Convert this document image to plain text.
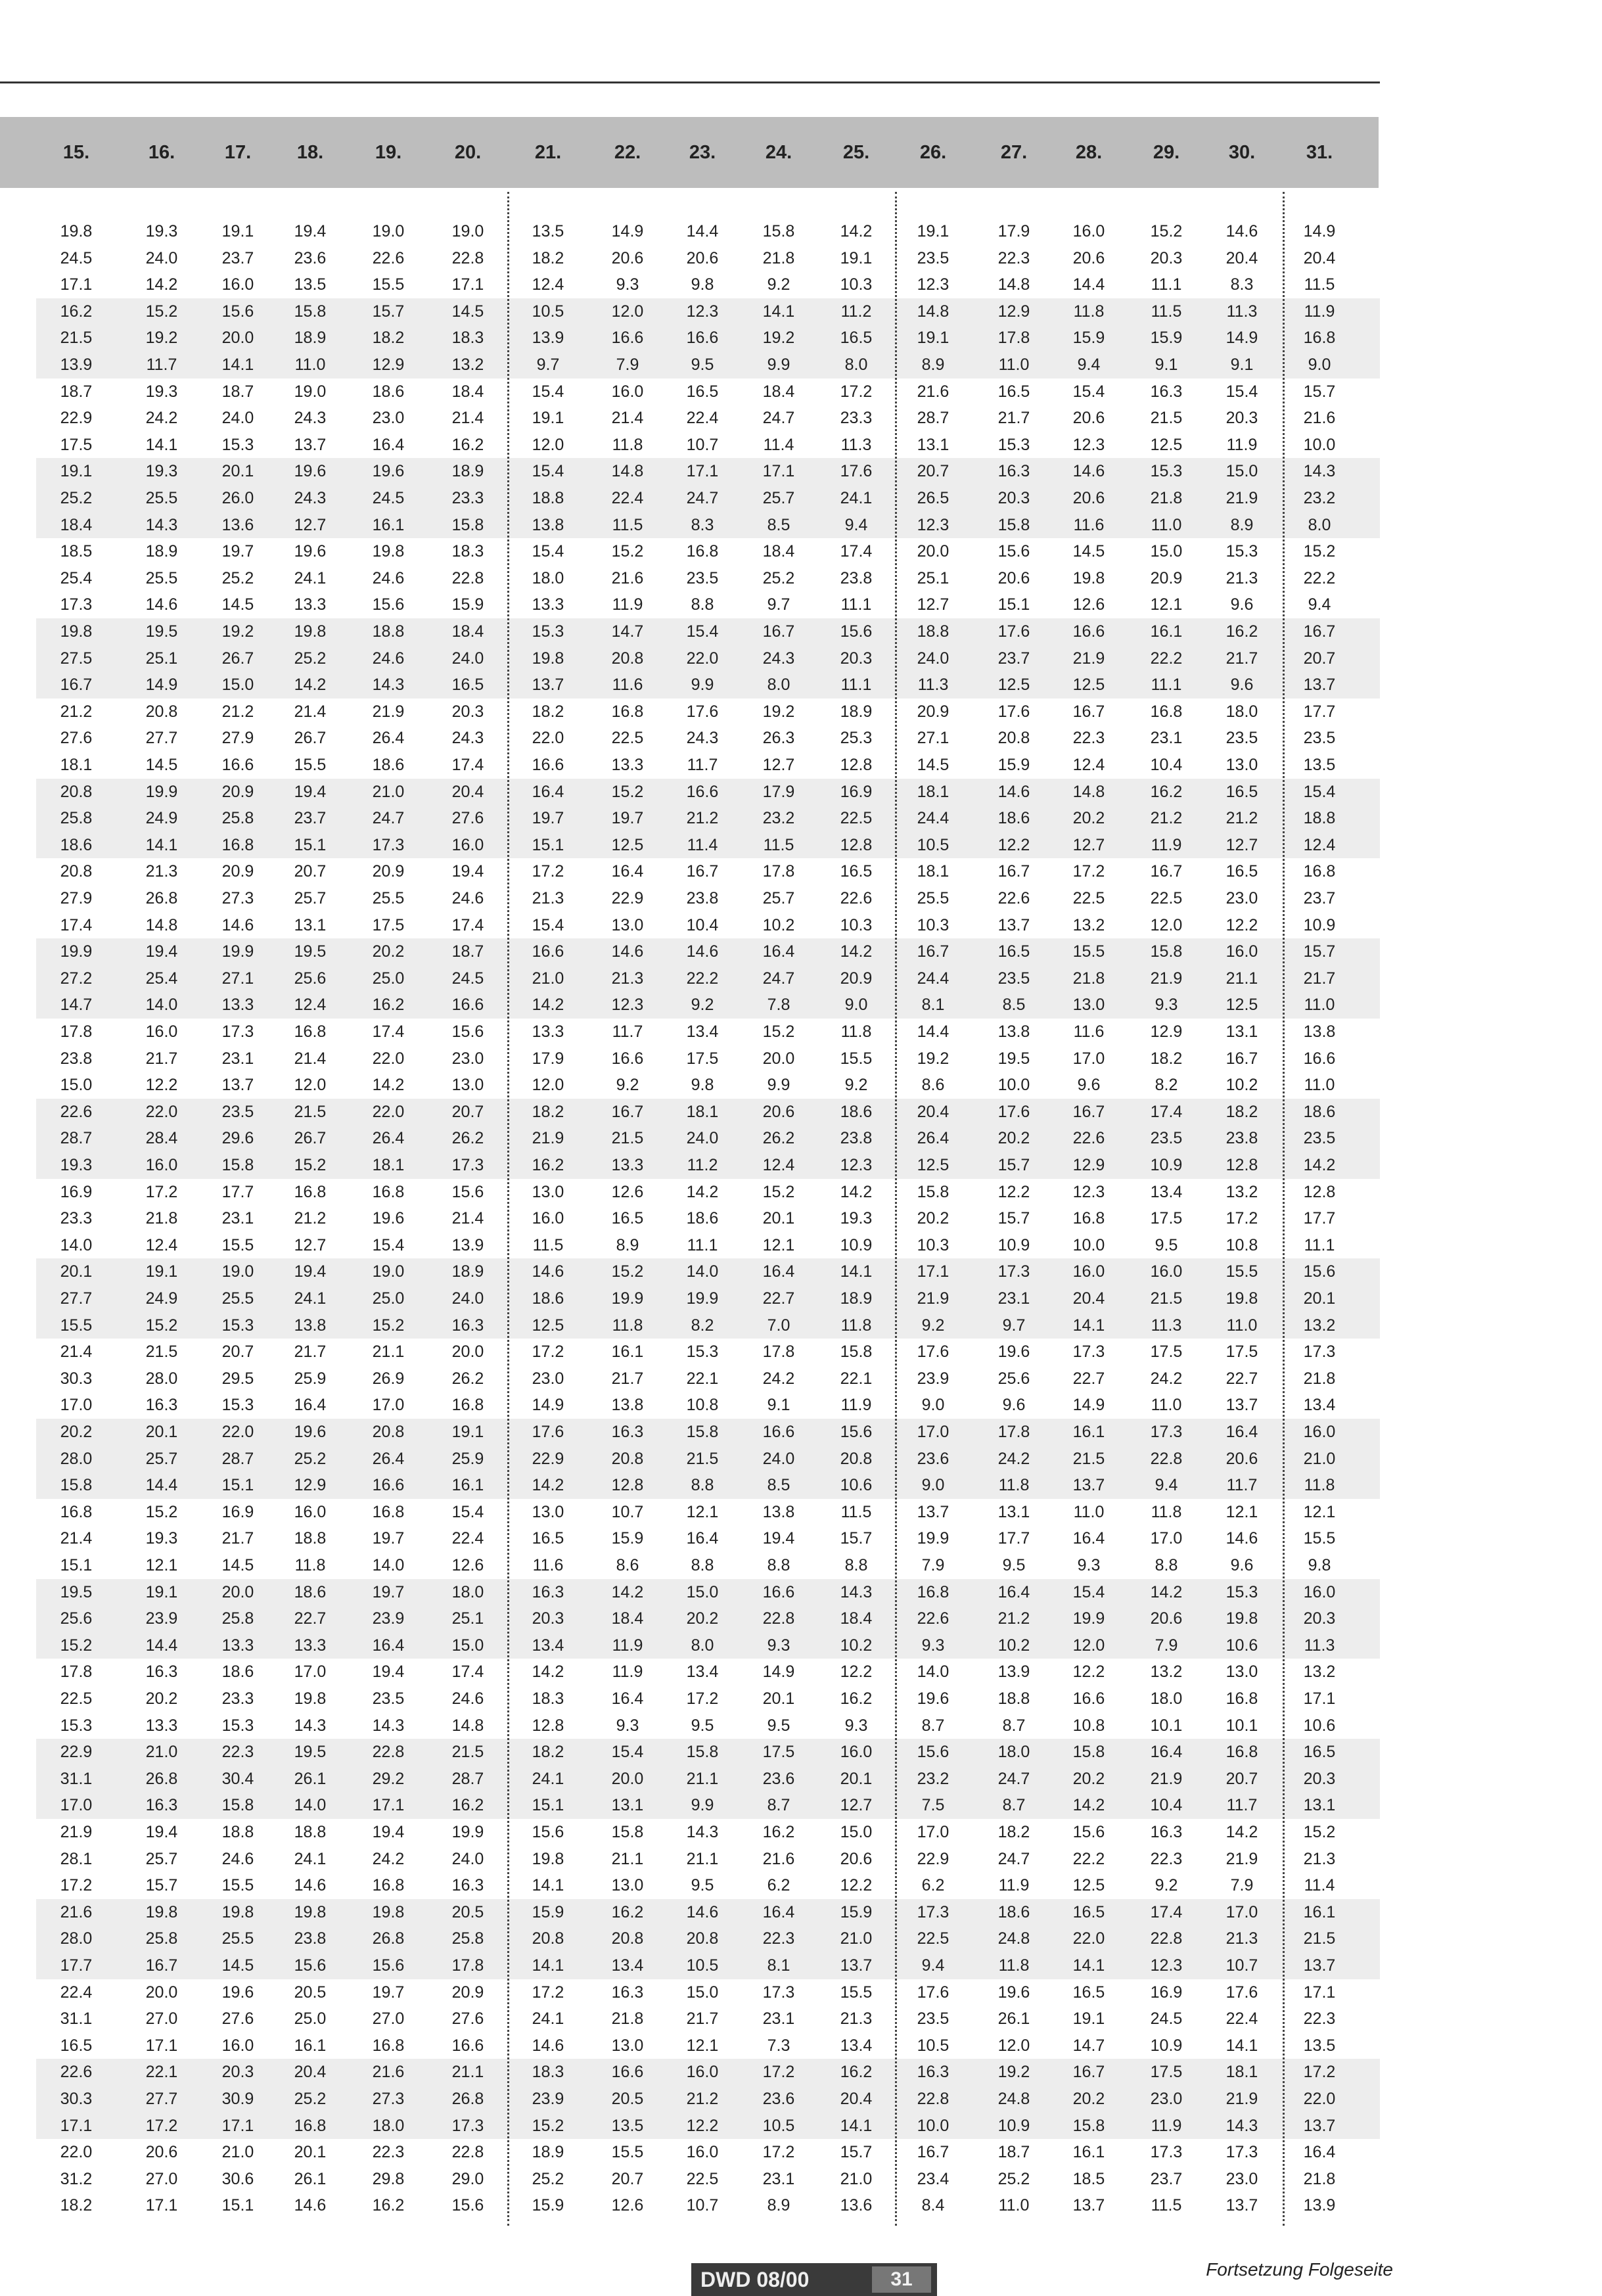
15.	16.	17.	18.	19.	20.	21.	22.	23.	24.	25.	26.	27.	28.	29.	30.	31.
19.8	19.3	19.1	19.4	19.0	19.0	13.5	14.9	14.4	15.8	14.2	19.1	17.9	16.0	15.2	14.6	14.9
24.5	24.0	23.7	23.6	22.6	22.8	18.2	20.6	20.6	21.8	19.1	23.5	22.3	20.6	20.3	20.4	20.4
17.1	14.2	16.0	13.5	15.5	17.1	12.4	9.3	9.8	9.2	10.3	12.3	14.8	14.4	11.1	8.3	11.5
16.2	15.2	15.6	15.8	15.7	14.5	10.5	12.0	12.3	14.1	11.2	14.8	12.9	11.8	11.5	11.3	11.9
21.5	19.2	20.0	18.9	18.2	18.3	13.9	16.6	16.6	19.2	16.5	19.1	17.8	15.9	15.9	14.9	16.8
13.9	11.7	14.1	11.0	12.9	13.2	9.7	7.9	9.5	9.9	8.0	8.9	11.0	9.4	9.1	9.1	9.0
18.7	19.3	18.7	19.0	18.6	18.4	15.4	16.0	16.5	18.4	17.2	21.6	16.5	15.4	16.3	15.4	15.7
22.9	24.2	24.0	24.3	23.0	21.4	19.1	21.4	22.4	24.7	23.3	28.7	21.7	20.6	21.5	20.3	21.6
17.5	14.1	15.3	13.7	16.4	16.2	12.0	11.8	10.7	11.4	11.3	13.1	15.3	12.3	12.5	11.9	10.0
19.1	19.3	20.1	19.6	19.6	18.9	15.4	14.8	17.1	17.1	17.6	20.7	16.3	14.6	15.3	15.0	14.3
25.2	25.5	26.0	24.3	24.5	23.3	18.8	22.4	24.7	25.7	24.1	26.5	20.3	20.6	21.8	21.9	23.2
18.4	14.3	13.6	12.7	16.1	15.8	13.8	11.5	8.3	8.5	9.4	12.3	15.8	11.6	11.0	8.9	8.0
18.5	18.9	19.7	19.6	19.8	18.3	15.4	15.2	16.8	18.4	17.4	20.0	15.6	14.5	15.0	15.3	15.2
25.4	25.5	25.2	24.1	24.6	22.8	18.0	21.6	23.5	25.2	23.8	25.1	20.6	19.8	20.9	21.3	22.2
17.3	14.6	14.5	13.3	15.6	15.9	13.3	11.9	8.8	9.7	11.1	12.7	15.1	12.6	12.1	9.6	9.4
19.8	19.5	19.2	19.8	18.8	18.4	15.3	14.7	15.4	16.7	15.6	18.8	17.6	16.6	16.1	16.2	16.7
27.5	25.1	26.7	25.2	24.6	24.0	19.8	20.8	22.0	24.3	20.3	24.0	23.7	21.9	22.2	21.7	20.7
16.7	14.9	15.0	14.2	14.3	16.5	13.7	11.6	9.9	8.0	11.1	11.3	12.5	12.5	11.1	9.6	13.7
21.2	20.8	21.2	21.4	21.9	20.3	18.2	16.8	17.6	19.2	18.9	20.9	17.6	16.7	16.8	18.0	17.7
27.6	27.7	27.9	26.7	26.4	24.3	22.0	22.5	24.3	26.3	25.3	27.1	20.8	22.3	23.1	23.5	23.5
18.1	14.5	16.6	15.5	18.6	17.4	16.6	13.3	11.7	12.7	12.8	14.5	15.9	12.4	10.4	13.0	13.5
20.8	19.9	20.9	19.4	21.0	20.4	16.4	15.2	16.6	17.9	16.9	18.1	14.6	14.8	16.2	16.5	15.4
25.8	24.9	25.8	23.7	24.7	27.6	19.7	19.7	21.2	23.2	22.5	24.4	18.6	20.2	21.2	21.2	18.8
18.6	14.1	16.8	15.1	17.3	16.0	15.1	12.5	11.4	11.5	12.8	10.5	12.2	12.7	11.9	12.7	12.4
20.8	21.3	20.9	20.7	20.9	19.4	17.2	16.4	16.7	17.8	16.5	18.1	16.7	17.2	16.7	16.5	16.8
27.9	26.8	27.3	25.7	25.5	24.6	21.3	22.9	23.8	25.7	22.6	25.5	22.6	22.5	22.5	23.0	23.7
17.4	14.8	14.6	13.1	17.5	17.4	15.4	13.0	10.4	10.2	10.3	10.3	13.7	13.2	12.0	12.2	10.9
19.9	19.4	19.9	19.5	20.2	18.7	16.6	14.6	14.6	16.4	14.2	16.7	16.5	15.5	15.8	16.0	15.7
27.2	25.4	27.1	25.6	25.0	24.5	21.0	21.3	22.2	24.7	20.9	24.4	23.5	21.8	21.9	21.1	21.7
14.7	14.0	13.3	12.4	16.2	16.6	14.2	12.3	9.2	7.8	9.0	8.1	8.5	13.0	9.3	12.5	11.0
17.8	16.0	17.3	16.8	17.4	15.6	13.3	11.7	13.4	15.2	11.8	14.4	13.8	11.6	12.9	13.1	13.8
23.8	21.7	23.1	21.4	22.0	23.0	17.9	16.6	17.5	20.0	15.5	19.2	19.5	17.0	18.2	16.7	16.6
15.0	12.2	13.7	12.0	14.2	13.0	12.0	9.2	9.8	9.9	9.2	8.6	10.0	9.6	8.2	10.2	11.0
22.6	22.0	23.5	21.5	22.0	20.7	18.2	16.7	18.1	20.6	18.6	20.4	17.6	16.7	17.4	18.2	18.6
28.7	28.4	29.6	26.7	26.4	26.2	21.9	21.5	24.0	26.2	23.8	26.4	20.2	22.6	23.5	23.8	23.5
19.3	16.0	15.8	15.2	18.1	17.3	16.2	13.3	11.2	12.4	12.3	12.5	15.7	12.9	10.9	12.8	14.2
16.9	17.2	17.7	16.8	16.8	15.6	13.0	12.6	14.2	15.2	14.2	15.8	12.2	12.3	13.4	13.2	12.8
23.3	21.8	23.1	21.2	19.6	21.4	16.0	16.5	18.6	20.1	19.3	20.2	15.7	16.8	17.5	17.2	17.7
14.0	12.4	15.5	12.7	15.4	13.9	11.5	8.9	11.1	12.1	10.9	10.3	10.9	10.0	9.5	10.8	11.1
20.1	19.1	19.0	19.4	19.0	18.9	14.6	15.2	14.0	16.4	14.1	17.1	17.3	16.0	16.0	15.5	15.6
27.7	24.9	25.5	24.1	25.0	24.0	18.6	19.9	19.9	22.7	18.9	21.9	23.1	20.4	21.5	19.8	20.1
15.5	15.2	15.3	13.8	15.2	16.3	12.5	11.8	8.2	7.0	11.8	9.2	9.7	14.1	11.3	11.0	13.2
21.4	21.5	20.7	21.7	21.1	20.0	17.2	16.1	15.3	17.8	15.8	17.6	19.6	17.3	17.5	17.5	17.3
30.3	28.0	29.5	25.9	26.9	26.2	23.0	21.7	22.1	24.2	22.1	23.9	25.6	22.7	24.2	22.7	21.8
17.0	16.3	15.3	16.4	17.0	16.8	14.9	13.8	10.8	9.1	11.9	9.0	9.6	14.9	11.0	13.7	13.4
20.2	20.1	22.0	19.6	20.8	19.1	17.6	16.3	15.8	16.6	15.6	17.0	17.8	16.1	17.3	16.4	16.0
28.0	25.7	28.7	25.2	26.4	25.9	22.9	20.8	21.5	24.0	20.8	23.6	24.2	21.5	22.8	20.6	21.0
15.8	14.4	15.1	12.9	16.6	16.1	14.2	12.8	8.8	8.5	10.6	9.0	11.8	13.7	9.4	11.7	11.8
16.8	15.2	16.9	16.0	16.8	15.4	13.0	10.7	12.1	13.8	11.5	13.7	13.1	11.0	11.8	12.1	12.1
21.4	19.3	21.7	18.8	19.7	22.4	16.5	15.9	16.4	19.4	15.7	19.9	17.7	16.4	17.0	14.6	15.5
15.1	12.1	14.5	11.8	14.0	12.6	11.6	8.6	8.8	8.8	8.8	7.9	9.5	9.3	8.8	9.6	9.8
19.5	19.1	20.0	18.6	19.7	18.0	16.3	14.2	15.0	16.6	14.3	16.8	16.4	15.4	14.2	15.3	16.0
25.6	23.9	25.8	22.7	23.9	25.1	20.3	18.4	20.2	22.8	18.4	22.6	21.2	19.9	20.6	19.8	20.3
15.2	14.4	13.3	13.3	16.4	15.0	13.4	11.9	8.0	9.3	10.2	9.3	10.2	12.0	7.9	10.6	11.3
17.8	16.3	18.6	17.0	19.4	17.4	14.2	11.9	13.4	14.9	12.2	14.0	13.9	12.2	13.2	13.0	13.2
22.5	20.2	23.3	19.8	23.5	24.6	18.3	16.4	17.2	20.1	16.2	19.6	18.8	16.6	18.0	16.8	17.1
15.3	13.3	15.3	14.3	14.3	14.8	12.8	9.3	9.5	9.5	9.3	8.7	8.7	10.8	10.1	10.1	10.6
22.9	21.0	22.3	19.5	22.8	21.5	18.2	15.4	15.8	17.5	16.0	15.6	18.0	15.8	16.4	16.8	16.5
31.1	26.8	30.4	26.1	29.2	28.7	24.1	20.0	21.1	23.6	20.1	23.2	24.7	20.2	21.9	20.7	20.3
17.0	16.3	15.8	14.0	17.1	16.2	15.1	13.1	9.9	8.7	12.7	7.5	8.7	14.2	10.4	11.7	13.1
21.9	19.4	18.8	18.8	19.4	19.9	15.6	15.8	14.3	16.2	15.0	17.0	18.2	15.6	16.3	14.2	15.2
28.1	25.7	24.6	24.1	24.2	24.0	19.8	21.1	21.1	21.6	20.6	22.9	24.7	22.2	22.3	21.9	21.3
17.2	15.7	15.5	14.6	16.8	16.3	14.1	13.0	9.5	6.2	12.2	6.2	11.9	12.5	9.2	7.9	11.4
21.6	19.8	19.8	19.8	19.8	20.5	15.9	16.2	14.6	16.4	15.9	17.3	18.6	16.5	17.4	17.0	16.1
28.0	25.8	25.5	23.8	26.8	25.8	20.8	20.8	20.8	22.3	21.0	22.5	24.8	22.0	22.8	21.3	21.5
17.7	16.7	14.5	15.6	15.6	17.8	14.1	13.4	10.5	8.1	13.7	9.4	11.8	14.1	12.3	10.7	13.7
22.4	20.0	19.6	20.5	19.7	20.9	17.2	16.3	15.0	17.3	15.5	17.6	19.6	16.5	16.9	17.6	17.1
31.1	27.0	27.6	25.0	27.0	27.6	24.1	21.8	21.7	23.1	21.3	23.5	26.1	19.1	24.5	22.4	22.3
16.5	17.1	16.0	16.1	16.8	16.6	14.6	13.0	12.1	7.3	13.4	10.5	12.0	14.7	10.9	14.1	13.5
22.6	22.1	20.3	20.4	21.6	21.1	18.3	16.6	16.0	17.2	16.2	16.3	19.2	16.7	17.5	18.1	17.2
30.3	27.7	30.9	25.2	27.3	26.8	23.9	20.5	21.2	23.6	20.4	22.8	24.8	20.2	23.0	21.9	22.0
17.1	17.2	17.1	16.8	18.0	17.3	15.2	13.5	12.2	10.5	14.1	10.0	10.9	15.8	11.9	14.3	13.7
22.0	20.6	21.0	20.1	22.3	22.8	18.9	15.5	16.0	17.2	15.7	16.7	18.7	16.1	17.3	17.3	16.4
31.2	27.0	30.6	26.1	29.8	29.0	25.2	20.7	22.5	23.1	21.0	23.4	25.2	18.5	23.7	23.0	21.8
18.2	17.1	15.1	14.6	16.2	15.6	15.9	12.6	10.7	8.9	13.6	8.4	11.0	13.7	11.5	13.7	13.9
Fortsetzung Folgeseite
DWD 08/00	31
